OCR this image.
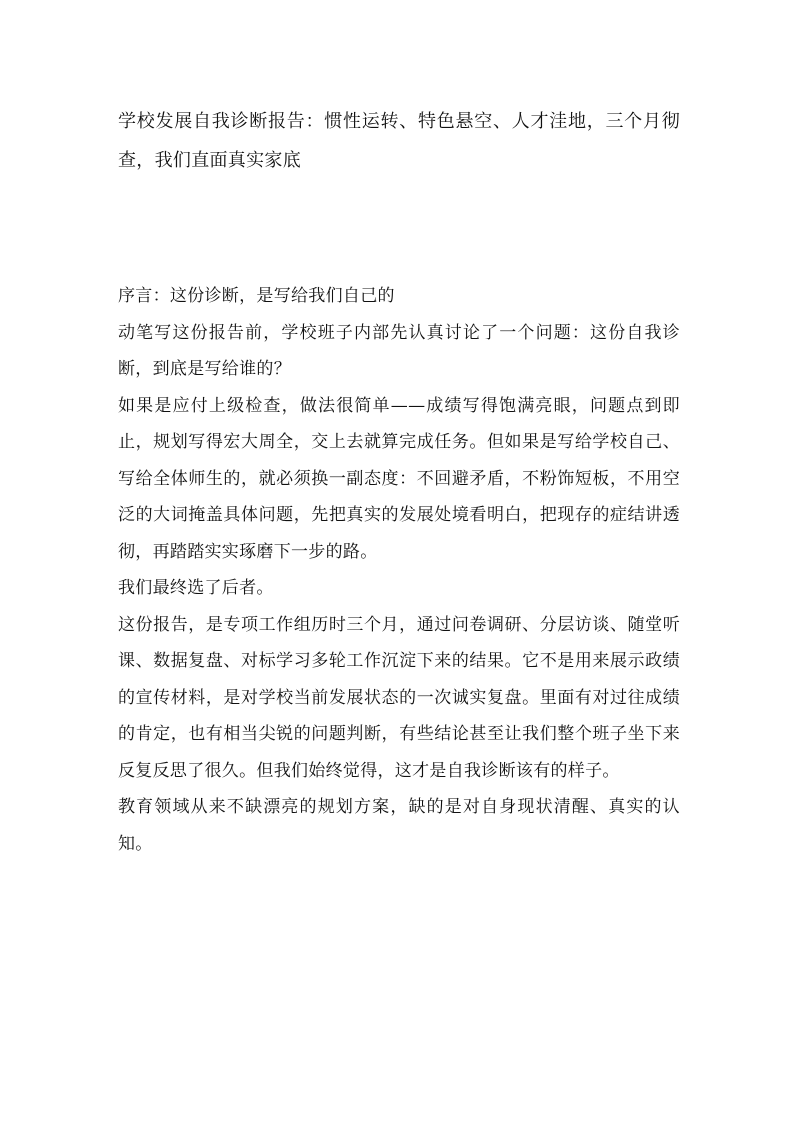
学校发展自我诊断报告：惯性运转、特色悬空、人才洼地，三个月彻查，我们直面真实家底

序言：这份诊断，是写给我们自己的

动笔写这份报告前，学校班子内部先认真讨论了一个问题：这份自我诊断，到底是写给谁的？

如果是应付上级检查，做法很简单——成绩写得饱满亮眼，问题点到即止，规划写得宏大周全，交上去就算完成任务。但如果是写给学校自己、写给全体师生的，就必须换一副态度：不回避矛盾，不粉饰短板，不用空泛的大词掩盖具体问题，先把真实的发展处境看明白，把现存的症结讲透彻，再踏踏实实琢磨下一步的路。

我们最终选了后者。

这份报告，是专项工作组历时三个月，通过问卷调研、分层访谈、随堂听课、数据复盘、对标学习多轮工作沉淀下来的结果。它不是用来展示政绩的宣传材料，是对学校当前发展状态的一次诚实复盘。里面有对过往成绩的肯定，也有相当尖锐的问题判断，有些结论甚至让我们整个班子坐下来反复反思了很久。但我们始终觉得，这才是自我诊断该有的样子。

教育领域从来不缺漂亮的规划方案，缺的是对自身现状清醒、真实的认知。
